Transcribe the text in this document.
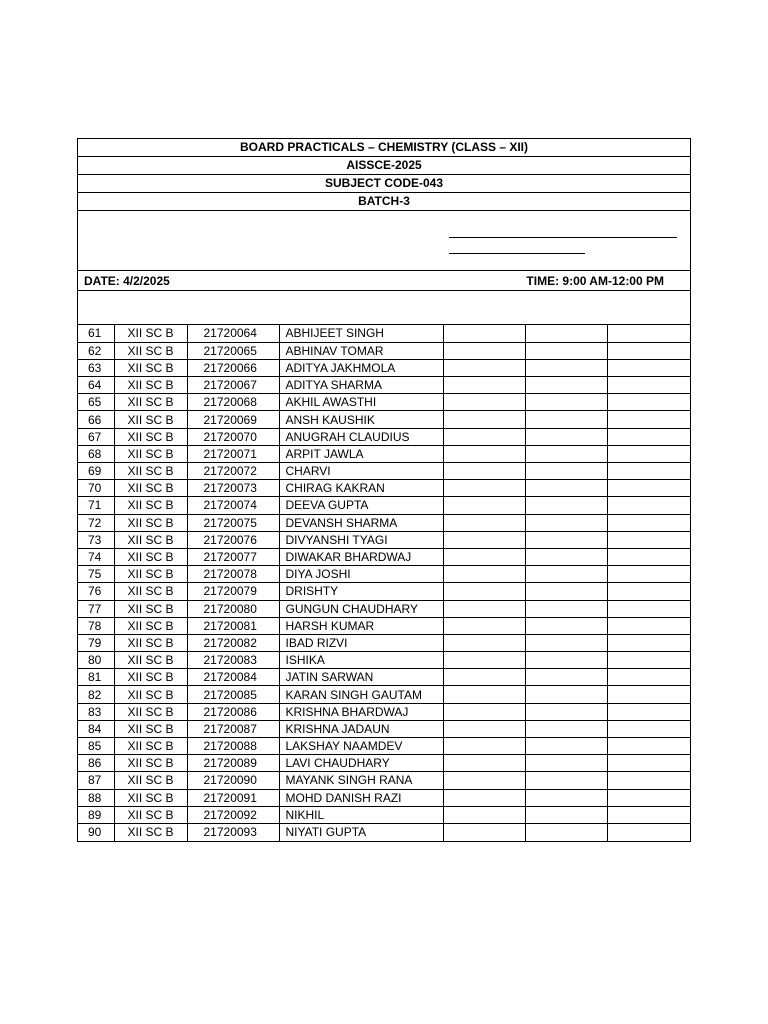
BOARD PRACTICALS – CHEMISTRY (CLASS – XII)
AISSCE-2025
SUBJECT CODE-043
BATCH-3
DATE: 4/2/2025	TIME: 9:00 AM-12:00 PM
61	XII SC B	21720064	ABHIJEET SINGH			
62	XII SC B	21720065	ABHINAV TOMAR			
63	XII SC B	21720066	ADITYA JAKHMOLA			
64	XII SC B	21720067	ADITYA SHARMA			
65	XII SC B	21720068	AKHIL AWASTHI			
66	XII SC B	21720069	ANSH KAUSHIK			
67	XII SC B	21720070	ANUGRAH CLAUDIUS			
68	XII SC B	21720071	ARPIT JAWLA			
69	XII SC B	21720072	CHARVI			
70	XII SC B	21720073	CHIRAG KAKRAN			
71	XII SC B	21720074	DEEVA GUPTA			
72	XII SC B	21720075	DEVANSH SHARMA			
73	XII SC B	21720076	DIVYANSHI TYAGI			
74	XII SC B	21720077	DIWAKAR BHARDWAJ			
75	XII SC B	21720078	DIYA JOSHI			
76	XII SC B	21720079	DRISHTY			
77	XII SC B	21720080	GUNGUN CHAUDHARY			
78	XII SC B	21720081	HARSH KUMAR			
79	XII SC B	21720082	IBAD RIZVI			
80	XII SC B	21720083	ISHIKA			
81	XII SC B	21720084	JATIN SARWAN			
82	XII SC B	21720085	KARAN SINGH GAUTAM			
83	XII SC B	21720086	KRISHNA BHARDWAJ			
84	XII SC B	21720087	KRISHNA JADAUN			
85	XII SC B	21720088	LAKSHAY NAAMDEV			
86	XII SC B	21720089	LAVI CHAUDHARY			
87	XII SC B	21720090	MAYANK SINGH RANA			
88	XII SC B	21720091	MOHD DANISH RAZI			
89	XII SC B	21720092	NIKHIL			
90	XII SC B	21720093	NIYATI GUPTA			
